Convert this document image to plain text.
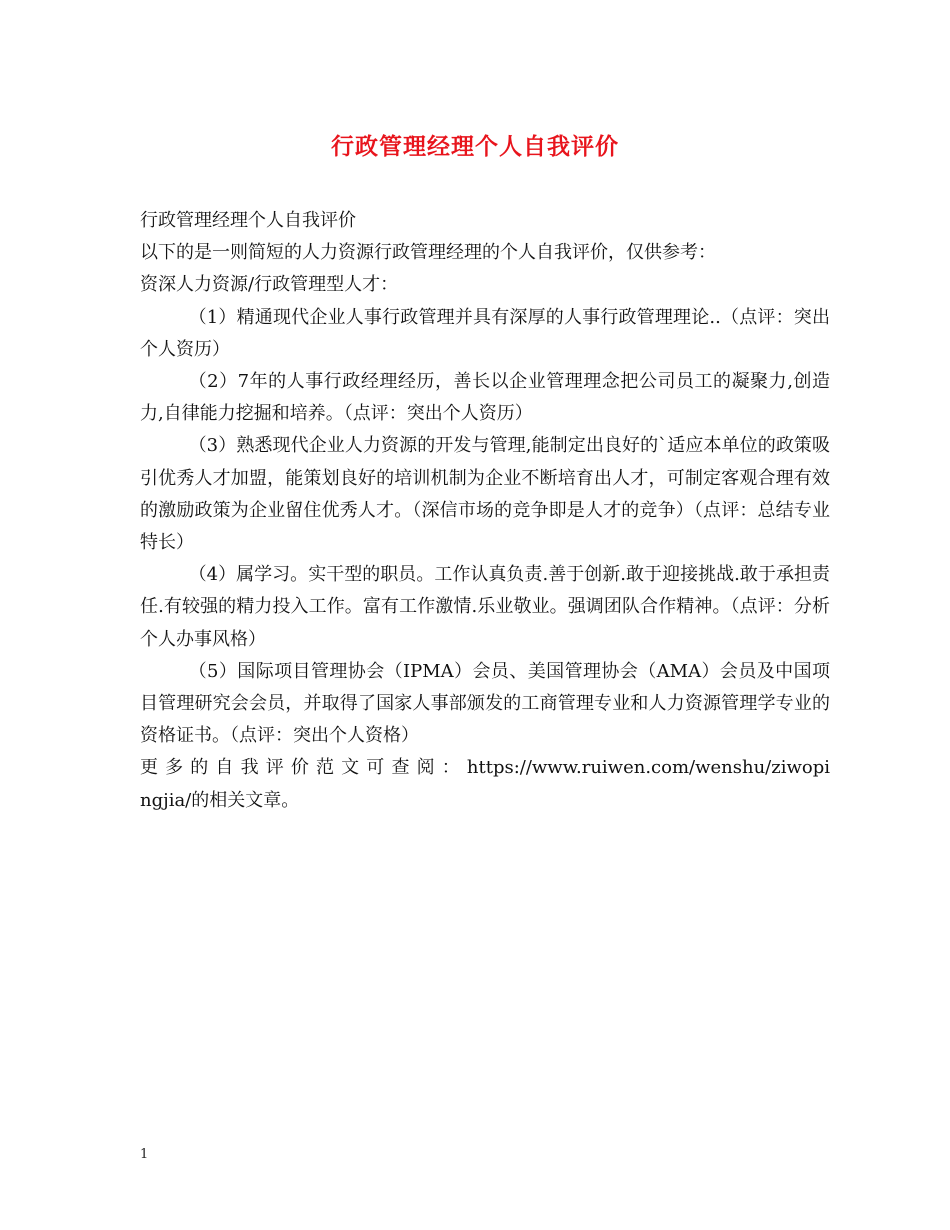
行政管理经理个人自我评价

行政管理经理个人自我评价

以下的是一则简短的人力资源行政管理经理的个人自我评价，仅供参考：

资深人力资源/行政管理型人才：

（1）精通现代企业人事行政管理并具有深厚的人事行政管理理论..（点评：突出个人资历）

（2）7年的人事行政经理经历，善长以企业管理理念把公司员工的凝聚力,创造力,自律能力挖掘和培养。（点评：突出个人资历）

（3）熟悉现代企业人力资源的开发与管理,能制定出良好的`适应本单位的政策吸引优秀人才加盟，能策划良好的培训机制为企业不断培育出人才，可制定客观合理有效的激励政策为企业留住优秀人才。（深信市场的竞争即是人才的竞争）（点评：总结专业特长）

（4）属学习。实干型的职员。工作认真负责.善于创新.敢于迎接挑战.敢于承担责任.有较强的精力投入工作。富有工作激情.乐业敬业。强调团队合作精神。（点评：分析个人办事风格）

（5）国际项目管理协会（IPMA）会员、美国管理协会（AMA）会员及中国项目管理研究会会员，并取得了国家人事部颁发的工商管理专业和人力资源管理学专业的资格证书。（点评：突出个人资格）

更多的自我评价范文可查阅：https://www.ruiwen.com/wenshu/ziwopingjia/的相关文章。

1
